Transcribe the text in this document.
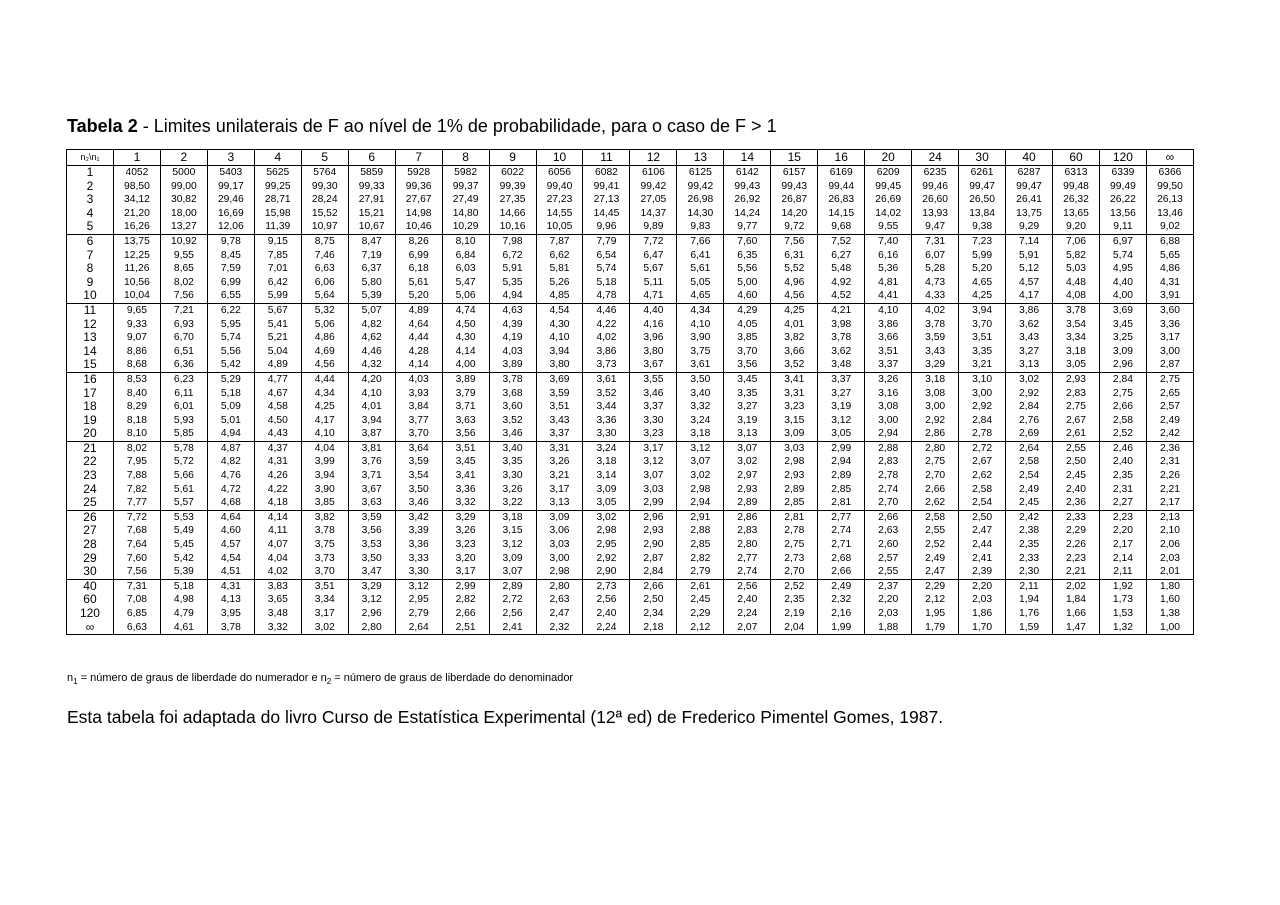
Tabela 2 - Limites unilaterais de F ao nível de 1% de probabilidade, para o caso de F > 1
n₂\n₁	1	2	3	4	5	6	7	8	9	10	11	12	13	14	15	16	20	24	30	40	60	120	∞
1	4052	5000	5403	5625	5764	5859	5928	5982	6022	6056	6082	6106	6125	6142	6157	6169	6209	6235	6261	6287	6313	6339	6366
2	98,50	99,00	99,17	99,25	99,30	99,33	99,36	99,37	99,39	99,40	99,41	99,42	99,42	99,43	99,43	99,44	99,45	99,46	99,47	99,47	99,48	99,49	99,50
3	34,12	30,82	29,46	28,71	28,24	27,91	27,67	27,49	27,35	27,23	27,13	27,05	26,98	26,92	26,87	26,83	26,69	26,60	26,50	26,41	26,32	26,22	26,13
4	21,20	18,00	16,69	15,98	15,52	15,21	14,98	14,80	14,66	14,55	14,45	14,37	14,30	14,24	14,20	14,15	14,02	13,93	13,84	13,75	13,65	13,56	13,46
5	16,26	13,27	12,06	11,39	10,97	10,67	10,46	10,29	10,16	10,05	9,96	9,89	9,83	9,77	9,72	9,68	9,55	9,47	9,38	9,29	9,20	9,11	9,02
6	13,75	10,92	9,78	9,15	8,75	8,47	8,26	8,10	7,98	7,87	7,79	7,72	7,66	7,60	7,56	7,52	7,40	7,31	7,23	7,14	7,06	6,97	6,88
7	12,25	9,55	8,45	7,85	7,46	7,19	6,99	6,84	6,72	6,62	6,54	6,47	6,41	6,35	6,31	6,27	6,16	6,07	5,99	5,91	5,82	5,74	5,65
8	11,26	8,65	7,59	7,01	6,63	6,37	6,18	6,03	5,91	5,81	5,74	5,67	5,61	5,56	5,52	5,48	5,36	5,28	5,20	5,12	5,03	4,95	4,86
9	10,56	8,02	6,99	6,42	6,06	5,80	5,61	5,47	5,35	5,26	5,18	5,11	5,05	5,00	4,96	4,92	4,81	4,73	4,65	4,57	4,48	4,40	4,31
10	10,04	7,56	6,55	5,99	5,64	5,39	5,20	5,06	4,94	4,85	4,78	4,71	4,65	4,60	4,56	4,52	4,41	4,33	4,25	4,17	4,08	4,00	3,91
11	9,65	7,21	6,22	5,67	5,32	5,07	4,89	4,74	4,63	4,54	4,46	4,40	4,34	4,29	4,25	4,21	4,10	4,02	3,94	3,86	3,78	3,69	3,60
12	9,33	6,93	5,95	5,41	5,06	4,82	4,64	4,50	4,39	4,30	4,22	4,16	4,10	4,05	4,01	3,98	3,86	3,78	3,70	3,62	3,54	3,45	3,36
13	9,07	6,70	5,74	5,21	4,86	4,62	4,44	4,30	4,19	4,10	4,02	3,96	3,90	3,85	3,82	3,78	3,66	3,59	3,51	3,43	3,34	3,25	3,17
14	8,86	6,51	5,56	5,04	4,69	4,46	4,28	4,14	4,03	3,94	3,86	3,80	3,75	3,70	3,66	3,62	3,51	3,43	3,35	3,27	3,18	3,09	3,00
15	8,68	6,36	5,42	4,89	4,56	4,32	4,14	4,00	3,89	3,80	3,73	3,67	3,61	3,56	3,52	3,48	3,37	3,29	3,21	3,13	3,05	2,96	2,87
16	8,53	6,23	5,29	4,77	4,44	4,20	4,03	3,89	3,78	3,69	3,61	3,55	3,50	3,45	3,41	3,37	3,26	3,18	3,10	3,02	2,93	2,84	2,75
17	8,40	6,11	5,18	4,67	4,34	4,10	3,93	3,79	3,68	3,59	3,52	3,46	3,40	3,35	3,31	3,27	3,16	3,08	3,00	2,92	2,83	2,75	2,65
18	8,29	6,01	5,09	4,58	4,25	4,01	3,84	3,71	3,60	3,51	3,44	3,37	3,32	3,27	3,23	3,19	3,08	3,00	2,92	2,84	2,75	2,66	2,57
19	8,18	5,93	5,01	4,50	4,17	3,94	3,77	3,63	3,52	3,43	3,36	3,30	3,24	3,19	3,15	3,12	3,00	2,92	2,84	2,76	2,67	2,58	2,49
20	8,10	5,85	4,94	4,43	4,10	3,87	3,70	3,56	3,46	3,37	3,30	3,23	3,18	3,13	3,09	3,05	2,94	2,86	2,78	2,69	2,61	2,52	2,42
21	8,02	5,78	4,87	4,37	4,04	3,81	3,64	3,51	3,40	3,31	3,24	3,17	3,12	3,07	3,03	2,99	2,88	2,80	2,72	2,64	2,55	2,46	2,36
22	7,95	5,72	4,82	4,31	3,99	3,76	3,59	3,45	3,35	3,26	3,18	3,12	3,07	3,02	2,98	2,94	2,83	2,75	2,67	2,58	2,50	2,40	2,31
23	7,88	5,66	4,76	4,26	3,94	3,71	3,54	3,41	3,30	3,21	3,14	3,07	3,02	2,97	2,93	2,89	2,78	2,70	2,62	2,54	2,45	2,35	2,26
24	7,82	5,61	4,72	4,22	3,90	3,67	3,50	3,36	3,26	3,17	3,09	3,03	2,98	2,93	2,89	2,85	2,74	2,66	2,58	2,49	2,40	2,31	2,21
25	7,77	5,57	4,68	4,18	3,85	3,63	3,46	3,32	3,22	3,13	3,05	2,99	2,94	2,89	2,85	2,81	2,70	2,62	2,54	2,45	2,36	2,27	2,17
26	7,72	5,53	4,64	4,14	3,82	3,59	3,42	3,29	3,18	3,09	3,02	2,96	2,91	2,86	2,81	2,77	2,66	2,58	2,50	2,42	2,33	2,23	2,13
27	7,68	5,49	4,60	4,11	3,78	3,56	3,39	3,26	3,15	3,06	2,98	2,93	2,88	2,83	2,78	2,74	2,63	2,55	2,47	2,38	2,29	2,20	2,10
28	7,64	5,45	4,57	4,07	3,75	3,53	3,36	3,23	3,12	3,03	2,95	2,90	2,85	2,80	2,75	2,71	2,60	2,52	2,44	2,35	2,26	2,17	2,06
29	7,60	5,42	4,54	4,04	3,73	3,50	3,33	3,20	3,09	3,00	2,92	2,87	2,82	2,77	2,73	2,68	2,57	2,49	2,41	2,33	2,23	2,14	2,03
30	7,56	5,39	4,51	4,02	3,70	3,47	3,30	3,17	3,07	2,98	2,90	2,84	2,79	2,74	2,70	2,66	2,55	2,47	2,39	2,30	2,21	2,11	2,01
40	7,31	5,18	4,31	3,83	3,51	3,29	3,12	2,99	2,89	2,80	2,73	2,66	2,61	2,56	2,52	2,49	2,37	2,29	2,20	2,11	2,02	1,92	1,80
60	7,08	4,98	4,13	3,65	3,34	3,12	2,95	2,82	2,72	2,63	2,56	2,50	2,45	2,40	2,35	2,32	2,20	2,12	2,03	1,94	1,84	1,73	1,60
120	6,85	4,79	3,95	3,48	3,17	2,96	2,79	2,66	2,56	2,47	2,40	2,34	2,29	2,24	2,19	2,16	2,03	1,95	1,86	1,76	1,66	1,53	1,38
∞	6,63	4,61	3,78	3,32	3,02	2,80	2,64	2,51	2,41	2,32	2,24	2,18	2,12	2,07	2,04	1,99	1,88	1,79	1,70	1,59	1,47	1,32	1,00
$n_1$ = número de graus de liberdade do numerador e $n_2$ = número de graus de liberdade do denominador
Esta tabela foi adaptada do livro Curso de Estatística Experimental (12ª ed) de Frederico Pimentel Gomes, 1987.
